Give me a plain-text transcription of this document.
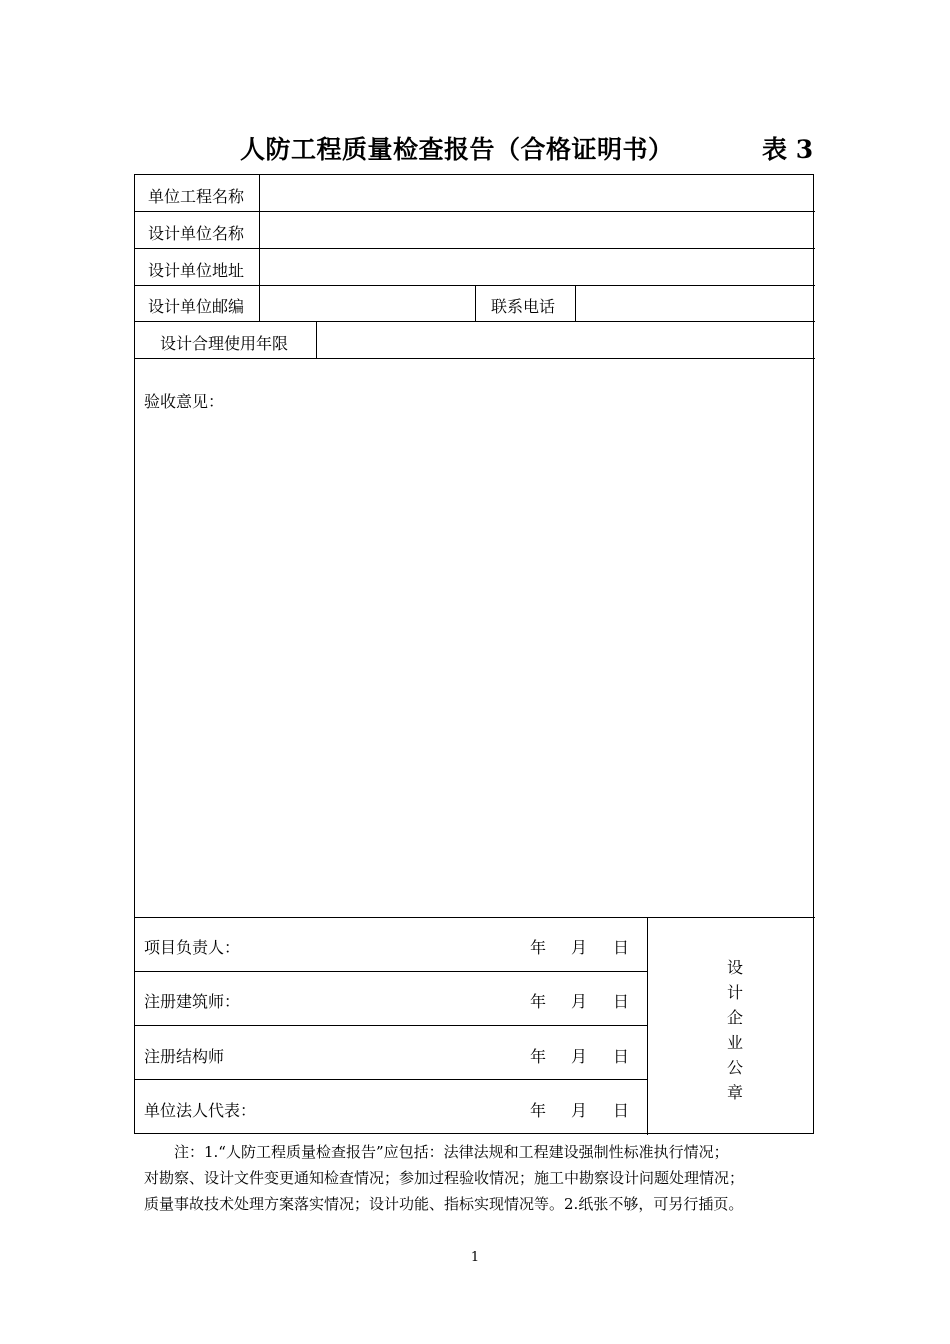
人防工程质量检查报告（合格证明书）	表 3
单位工程名称
设计单位名称
设计单位地址
设计单位邮编	联系电话
设计合理使用年限
验收意见：
项目负责人：	年 月 日
注册建筑师：	年 月 日
注册结构师	年 月 日
单位法人代表：	年 月 日
设
计
企
业
公
章

注：1.“人防工程质量检查报告”应包括：法律法规和工程建设强制性标准执行情况；

对勘察、设计文件变更通知检查情况；参加过程验收情况；施工中勘察设计问题处理情况；

质量事故技术处理方案落实情况；设计功能、指标实现情况等。2.纸张不够，可另行插页。

1
